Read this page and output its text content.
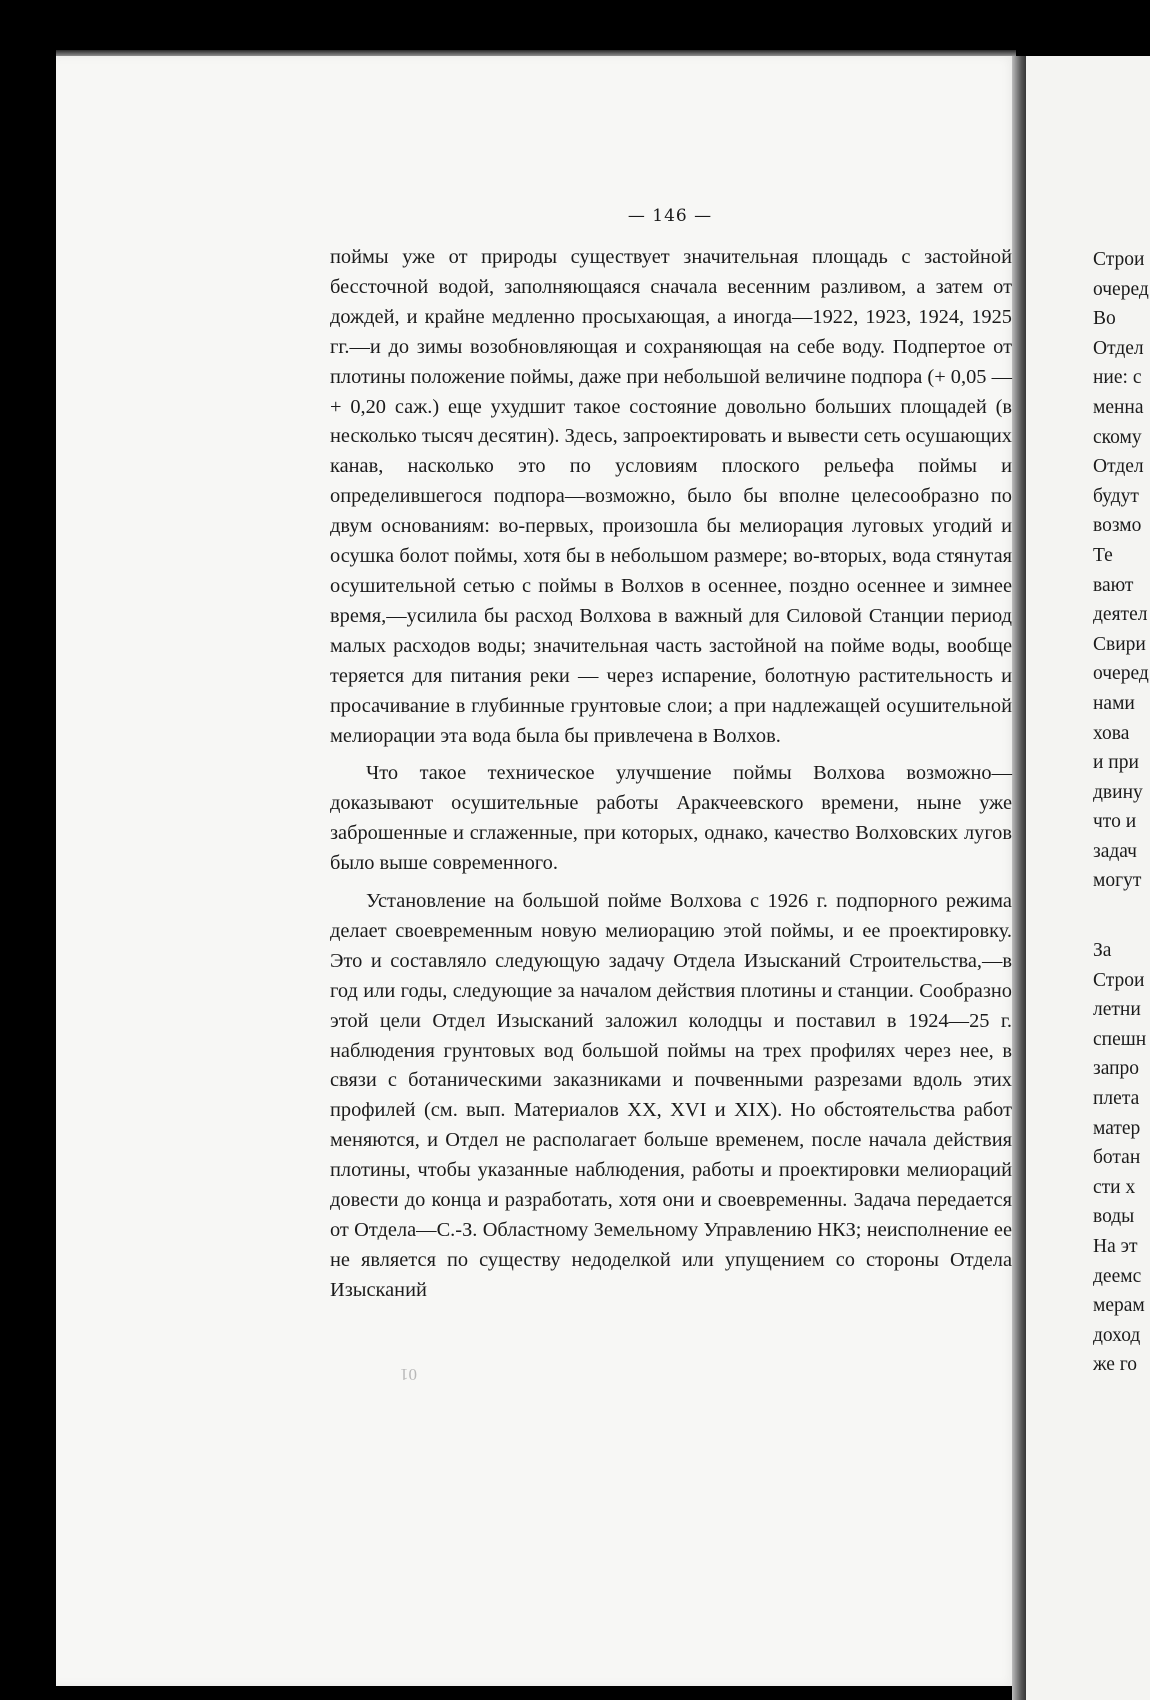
— 146 —

поймы уже от природы существует значительная площадь с застойной бесcточной водой, заполняющаяся сначала весенним разливом, а затем от дождей, и крайне медленно просыхающая, а иногда—1922, 1923, 1924, 1925 гг.—и до зимы возобновляющая и сохраняющая на себе воду. Подпертое от плотины положение поймы, даже при небольшой величине подпора (+ 0,05 — + 0,20 саж.) еще ухудшит такое состояние довольно больших площадей (в несколько тысяч десятин). Здесь, запроектировать и вывести сеть осушающих канав, насколько это по условиям плоского рельефа поймы и определившегося подпора—возможно, было бы вполне целесообразно по двум основаниям: во-первых, произошла бы мелиорация луговых угодий и осушка болот поймы, хотя бы в небольшом размере; во-вторых, вода стянутая осушительной сетью с поймы в Волхов в осеннее, поздно осеннее и зимнее время,—усилила бы расход Волхова в важный для Силовой Станции период малых расходов воды; значительная часть застойной на пойме воды, вообще теряется для питания реки — через испарение, болотную растительность и просачивание в глубинные грунтовые слои; а при надлежащей осушительной мелиорации эта вода была бы привлечена в Волхов.

Что такое техническое улучшение поймы Волхова возможно—доказывают осушительные работы Аракчеевского времени, ныне уже заброшенные и сглаженные, при которых, однако, качество Волховских лугов было выше современного.

Установление на большой пойме Волхова с 1926 г. подпорного режима делает своевременным новую мелиорацию этой поймы, и ее проектировку. Это и составляло следующую задачу Отдела Изысканий Строительства,—в год или годы, следующие за началом действия плотины и станции. Сообразно этой цели Отдел Изысканий заложил колодцы и поставил в 1924—25 г. наблюдения грунтовых вод большой поймы на трех профилях через нее, в связи с ботаническими заказниками и почвенными разрезами вдоль этих профилей (см. вып. Материалов XX, XVI и XIX). Но обстоятельства работ меняются, и Отдел не располагает больше временем, после начала действия плотины, чтобы указанные наблюдения, работы и проектировки мелиораций довести до конца и разработать, хотя они и своевременны. Задача передается от Отдела—С.-З. Областному Земельному Управлению НКЗ; неисполнение ее не является по существу недоделкой или упущением со стороны Отдела Изысканий

01
Строи
очеред
Во
Отдел
ние: с
менна
скому
Отдел
будут
возмо
Те
вают
деятел
Свири
очеред
нами
хова
и при
двину
что и
задач
могут
За
Строи
летни
спешн
запро
плета
матер
ботан
сти х
воды
На эт
деемс
мерам
доход
же го
